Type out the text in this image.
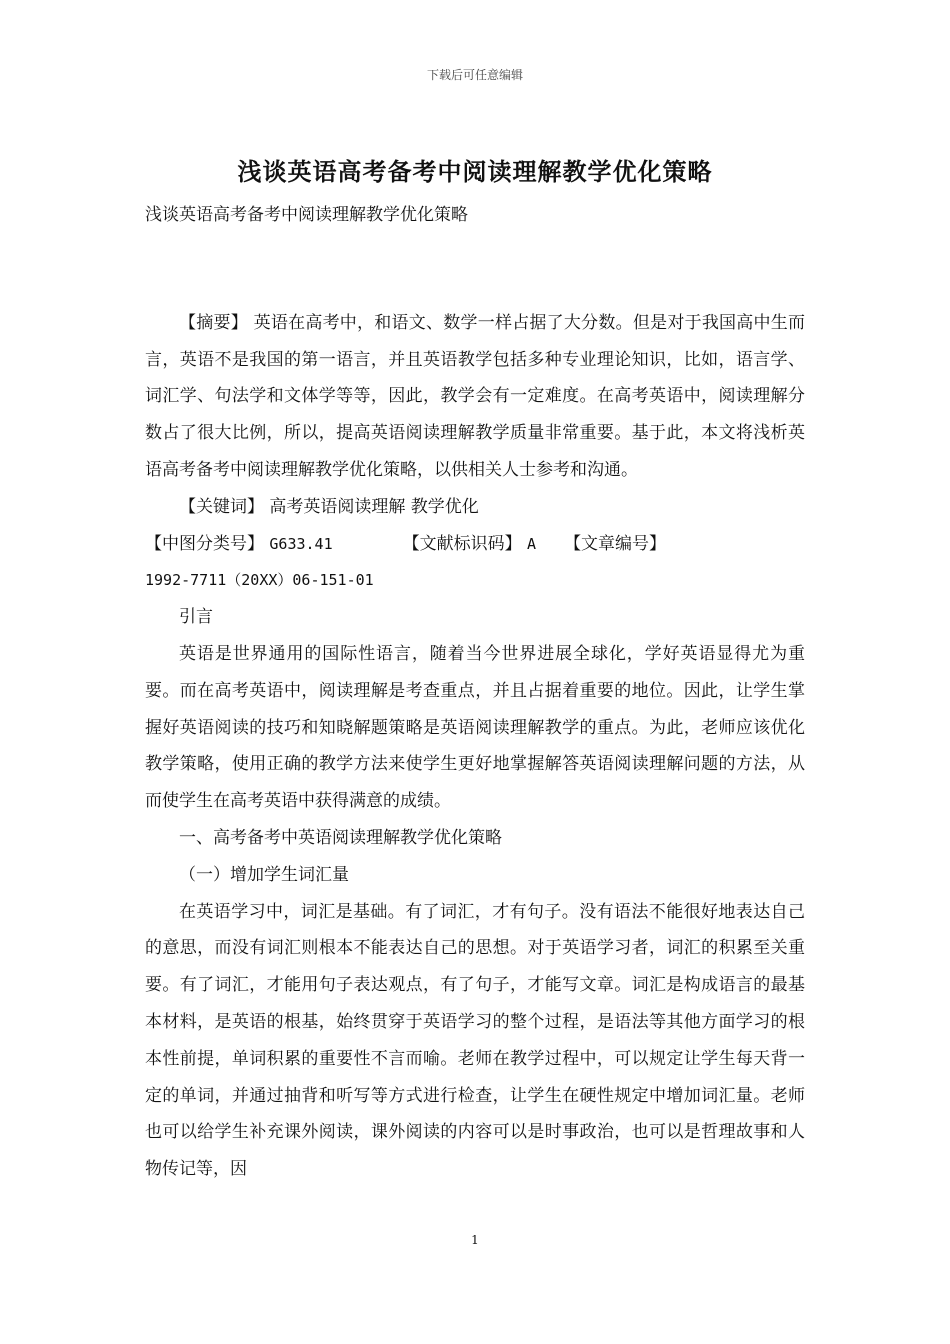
下载后可任意编辑
浅谈英语高考备考中阅读理解教学优化策略

浅谈英语高考备考中阅读理解教学优化策略

【摘要】 英语在高考中，和语文、数学一样占据了大分数。但是对于我国高中生而言，英语不是我国的第一语言，并且英语教学包括多种专业理论知识，比如，语言学、词汇学、句法学和文体学等等，因此，教学会有一定难度。在高考英语中，阅读理解分数占了很大比例，所以，提高英语阅读理解教学质量非常重要。基于此，本文将浅析英语高考备考中阅读理解教学优化策略，以供相关人士参考和沟通。

【关键词】 高考英语阅读理解 教学优化

【中图分类号】 G633.41	【文献标识码】 A 【文章编号】

1992-7711（20XX）06-151-01

引言

英语是世界通用的国际性语言，随着当今世界进展全球化，学好英语显得尤为重要。而在高考英语中，阅读理解是考查重点，并且占据着重要的地位。因此，让学生掌握好英语阅读的技巧和知晓解题策略是英语阅读理解教学的重点。为此，老师应该优化教学策略，使用正确的教学方法来使学生更好地掌握解答英语阅读理解问题的方法，从而使学生在高考英语中获得满意的成绩。

一、高考备考中英语阅读理解教学优化策略

（一）增加学生词汇量

在英语学习中，词汇是基础。有了词汇，才有句子。没有语法不能很好地表达自己的意思，而没有词汇则根本不能表达自己的思想。对于英语学习者，词汇的积累至关重要。有了词汇，才能用句子表达观点，有了句子，才能写文章。词汇是构成语言的最基本材料，是英语的根基，始终贯穿于英语学习的整个过程，是语法等其他方面学习的根本性前提，单词积累的重要性不言而喻。老师在教学过程中，可以规定让学生每天背一定的单词，并通过抽背和听写等方式进行检查，让学生在硬性规定中增加词汇量。老师也可以给学生补充课外阅读，课外阅读的内容可以是时事政治，也可以是哲理故事和人物传记等，因

1
